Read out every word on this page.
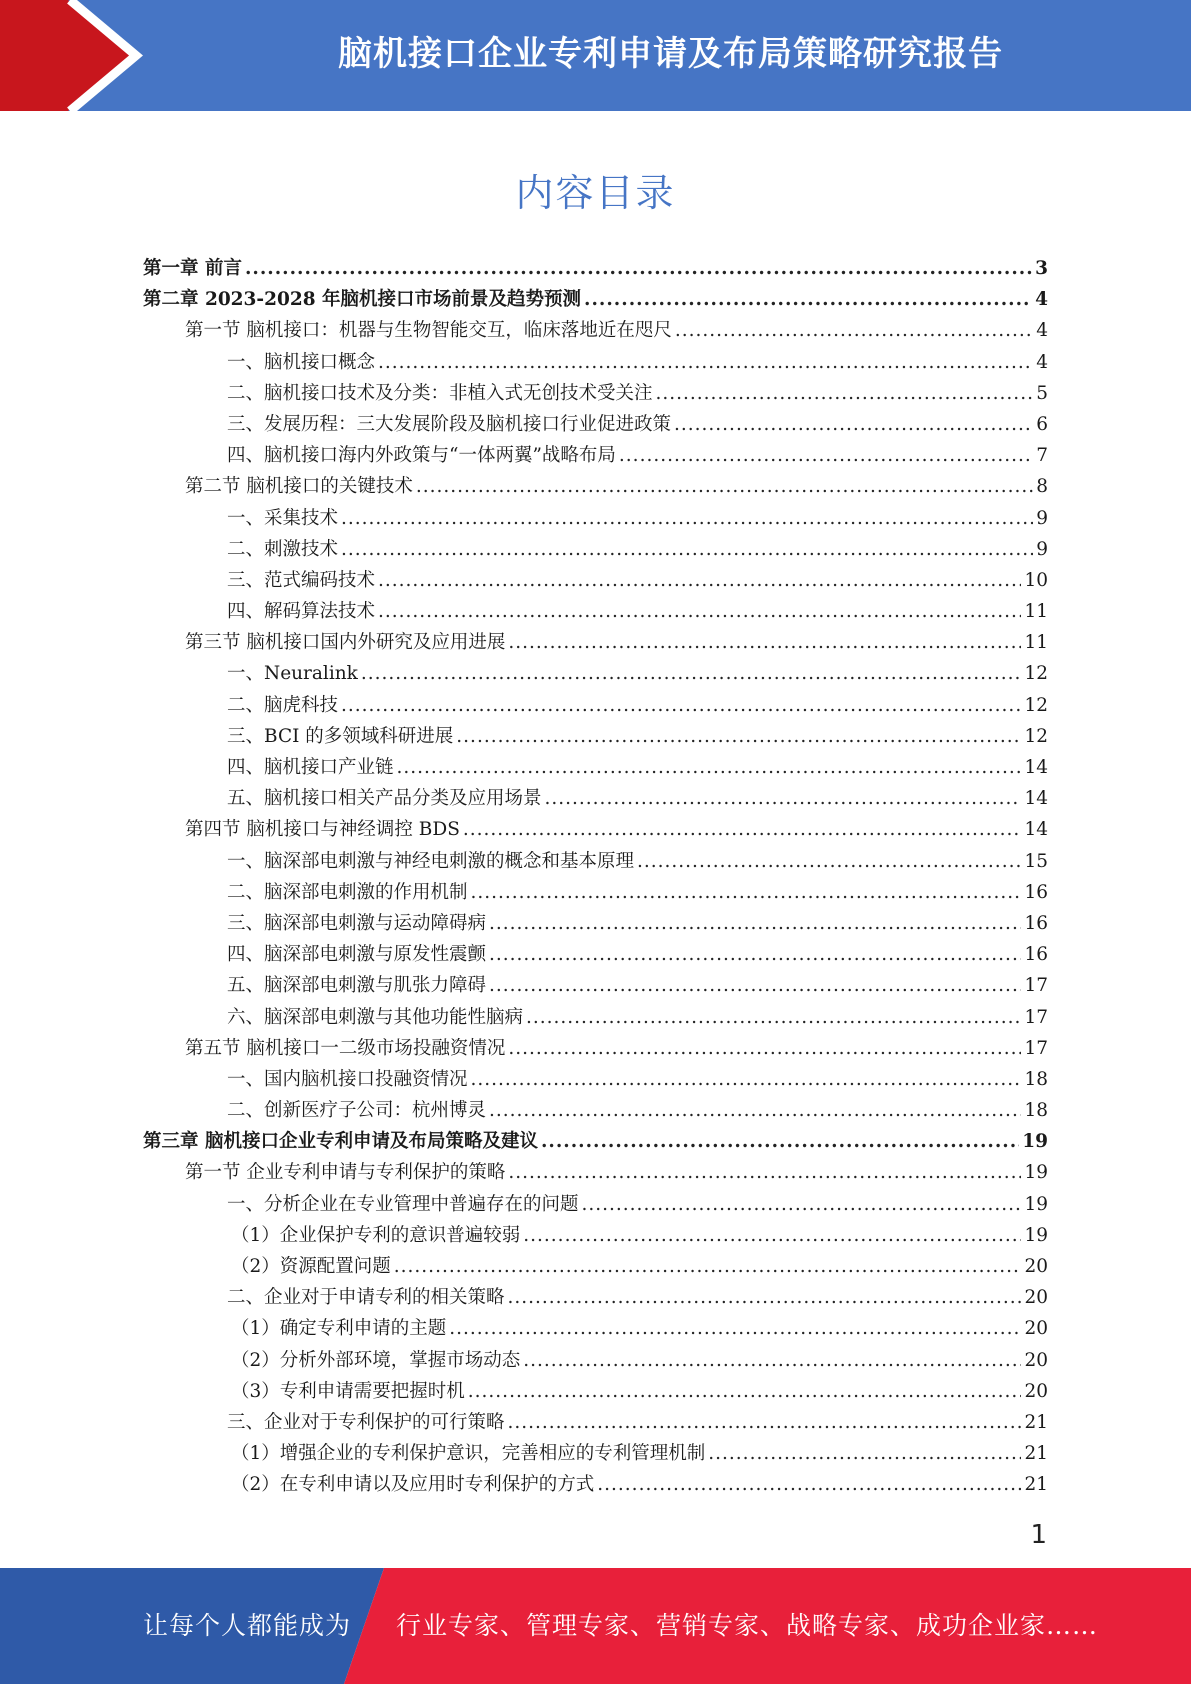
脑机接口企业专利申请及布局策略研究报告
内容目录
第一章 前言 .....	3
第二章 2023-2028 年脑机接口市场前景及趋势预测 .....	4
第一节 脑机接口：机器与生物智能交互，临床落地近在咫尺 .....	4
一、脑机接口概念 .....	4
二、脑机接口技术及分类：非植入式无创技术受关注 .....	5
三、发展历程：三大发展阶段及脑机接口行业促进政策 .....	6
四、脑机接口海内外政策与“一体两翼”战略布局 .....	7
第二节 脑机接口的关键技术 .....	8
一、采集技术 .....	9
二、刺激技术 .....	9
三、范式编码技术 .....	10
四、解码算法技术 .....	11
第三节 脑机接口国内外研究及应用进展 .....	11
一、Neuralink .....	12
二、脑虎科技 .....	12
三、BCI 的多领域科研进展 .....	12
四、脑机接口产业链 .....	14
五、脑机接口相关产品分类及应用场景 .....	14
第四节 脑机接口与神经调控 BDS .....	14
一、脑深部电刺激与神经电刺激的概念和基本原理 .....	15
二、脑深部电刺激的作用机制 .....	16
三、脑深部电刺激与运动障碍病 .....	16
四、脑深部电刺激与原发性震颤 .....	16
五、脑深部电刺激与肌张力障碍 .....	17
六、脑深部电刺激与其他功能性脑病 .....	17
第五节 脑机接口一二级市场投融资情况 .....	17
一、国内脑机接口投融资情况 .....	18
二、创新医疗子公司：杭州博灵 .....	18
第三章 脑机接口企业专利申请及布局策略及建议 .....	19
第一节 企业专利申请与专利保护的策略 .....	19
一、分析企业在专业管理中普遍存在的问题 .....	19
（1）企业保护专利的意识普遍较弱 .....	19
（2）资源配置问题 .....	20
二、企业对于申请专利的相关策略 .....	20
（1）确定专利申请的主题 .....	20
（2）分析外部环境，掌握市场动态 .....	20
（3）专利申请需要把握时机 .....	20
三、企业对于专利保护的可行策略 .....	21
（1）增强企业的专利保护意识，完善相应的专利管理机制 .....	21
（2）在专利申请以及应用时专利保护的方式 .....	21
1
让每个人都能成为 行业专家、管理专家、营销专家、战略专家、成功企业家……
